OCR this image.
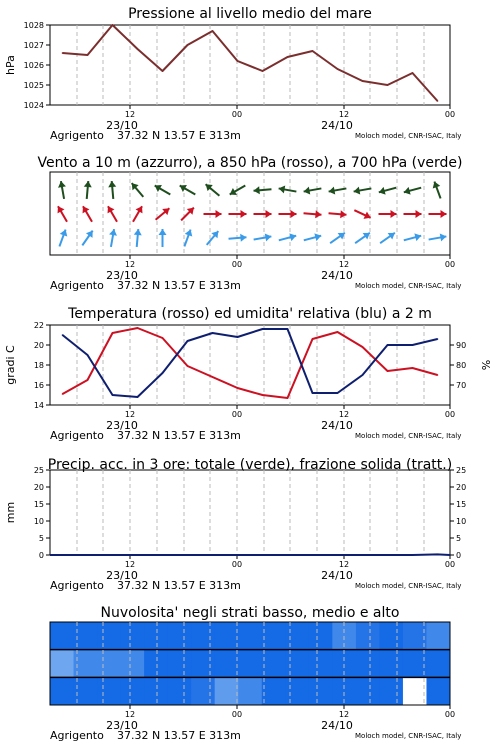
12	00	12	00
23/10	24/10
Agrigento 37.32 N 13.57 E 313m	Moloch model, CNR-ISAC, Italy
Pressione al livello medio del mare
1024
1025
1026
1027
1028
hPa
12	00	12	00
23/10	24/10
Agrigento 37.32 N 13.57 E 313m	Moloch model, CNR-ISAC, Italy
Vento a 10 m (azzurro), a 850 hPa (rosso), a 700 hPa (verde)
12	00	12	00
23/10	24/10
Agrigento 37.32 N 13.57 E 313m	Moloch model, CNR-ISAC, Italy
Temperatura (rosso) ed umidita' relativa (blu) a 2 m
14
16
18
20
22
70
80
90
gradi C	%
12	00	12	00
23/10	24/10
Agrigento 37.32 N 13.57 E 313m	Moloch model, CNR-ISAC, Italy
Precip. acc. in 3 ore: totale (verde), frazione solida (tratt.)
0
5
10
15
20
25
0
5
10
15
20
25
mm
12	00	12	00
23/10	24/10
Agrigento 37.32 N 13.57 E 313m	Moloch model, CNR-ISAC, Italy
Nuvolosita' negli strati basso, medio e alto
